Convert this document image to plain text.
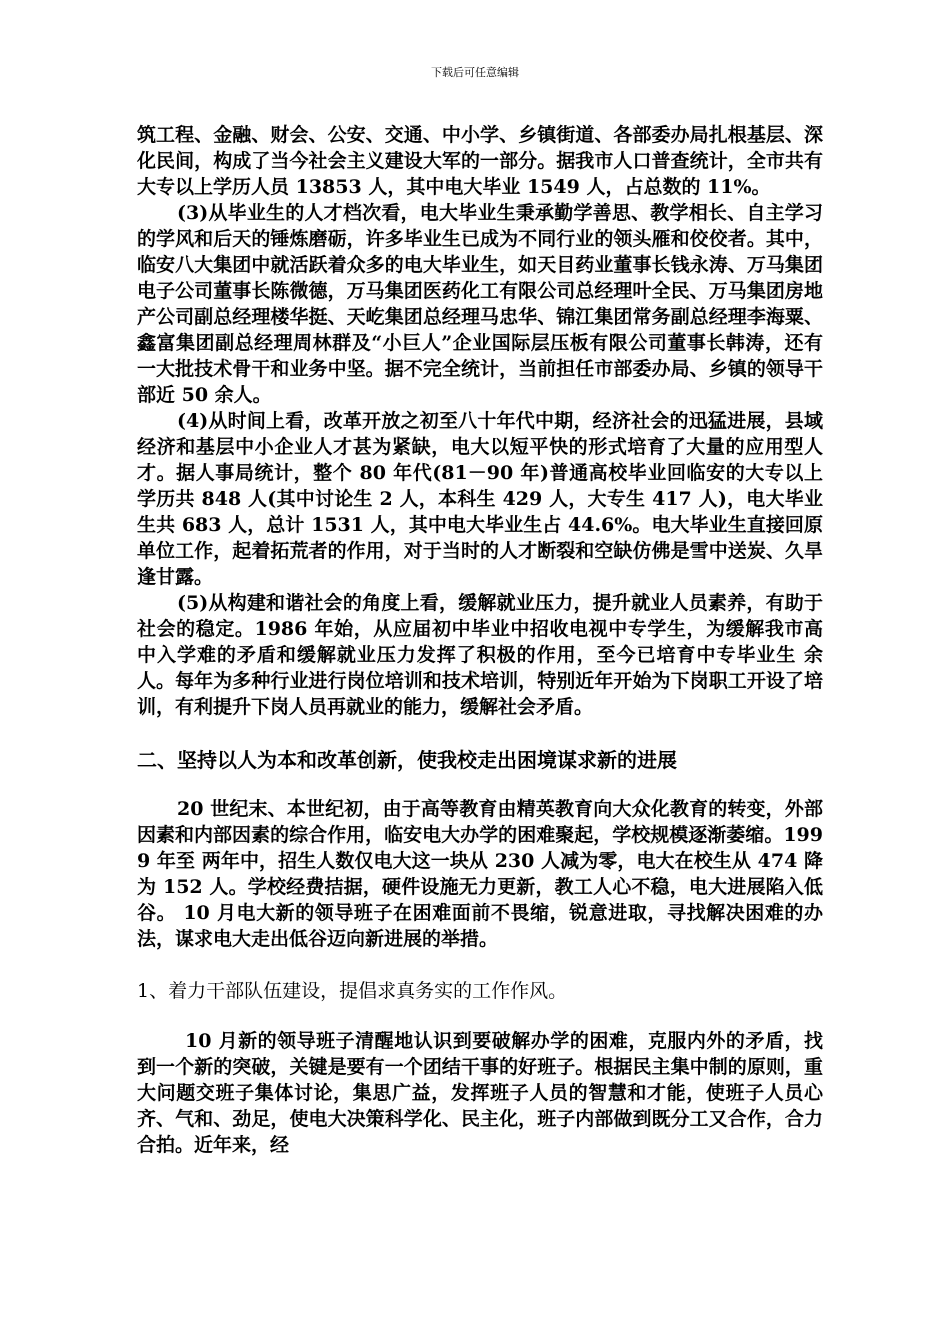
下载后可任意编辑

筑工程、金融、财会、公安、交通、中小学、乡镇街道、各部委办局扎根基层、深化民间，构成了当今社会主义建设大军的一部分。据我市人口普查统计，全市共有大专以上学历人员 13853 人，其中电大毕业 1549 人，占总数的 11%。

(3)从毕业生的人才档次看，电大毕业生秉承勤学善思、教学相长、自主学习的学风和后天的锤炼磨砺，许多毕业生已成为不同行业的领头雁和佼佼者。其中，临安八大集团中就活跃着众多的电大毕业生，如天目药业董事长钱永涛、万马集团电子公司董事长陈微德，万马集团医药化工有限公司总经理叶全民、万马集团房地产公司副总经理楼华挺、天屹集团总经理马忠华、锦江集团常务副总经理李海粟、鑫富集团副总经理周林群及“小巨人”企业国际层压板有限公司董事长韩涛，还有一大批技术骨干和业务中坚。据不完全统计，当前担任市部委办局、乡镇的领导干部近 50 余人。

(4)从时间上看，改革开放之初至八十年代中期，经济社会的迅猛进展，县域经济和基层中小企业人才甚为紧缺，电大以短平快的形式培育了大量的应用型人才。据人事局统计，整个 80 年代(81－90 年)普通高校毕业回临安的大专以上学历共 848 人(其中讨论生 2 人，本科生 429 人，大专生 417 人)，电大毕业生共 683 人，总计 1531 人，其中电大毕业生占 44.6%。电大毕业生直接回原单位工作，起着拓荒者的作用，对于当时的人才断裂和空缺仿佛是雪中送炭、久旱逢甘露。

(5)从构建和谐社会的角度上看，缓解就业压力，提升就业人员素养，有助于社会的稳定。1986 年始，从应届初中毕业中招收电视中专学生，为缓解我市高中入学难的矛盾和缓解就业压力发挥了积极的作用，至今已培育中专毕业生 余人。每年为多种行业进行岗位培训和技术培训，特别近年开始为下岗职工开设了培训，有利提升下岗人员再就业的能力，缓解社会矛盾。

二、坚持以人为本和改革创新，使我校走出困境谋求新的进展

20 世纪末、本世纪初，由于高等教育由精英教育向大众化教育的转变，外部因素和内部因素的综合作用，临安电大办学的困难聚起，学校规模逐渐萎缩。1999 年至 两年中，招生人数仅电大这一块从 230 人减为零，电大在校生从 474 降为 152 人。学校经费拮据，硬件设施无力更新，教工人心不稳，电大进展陷入低谷。 10 月电大新的领导班子在困难面前不畏缩，锐意进取，寻找解决困难的办法，谋求电大走出低谷迈向新进展的举措。

1、着力干部队伍建设，提倡求真务实的工作作风。

10 月新的领导班子清醒地认识到要破解办学的困难，克服内外的矛盾，找到一个新的突破，关键是要有一个团结干事的好班子。根据民主集中制的原则，重大问题交班子集体讨论，集思广益，发挥班子人员的智慧和才能，使班子人员心齐、气和、劲足，使电大决策科学化、民主化，班子内部做到既分工又合作，合力合拍。近年来，经
